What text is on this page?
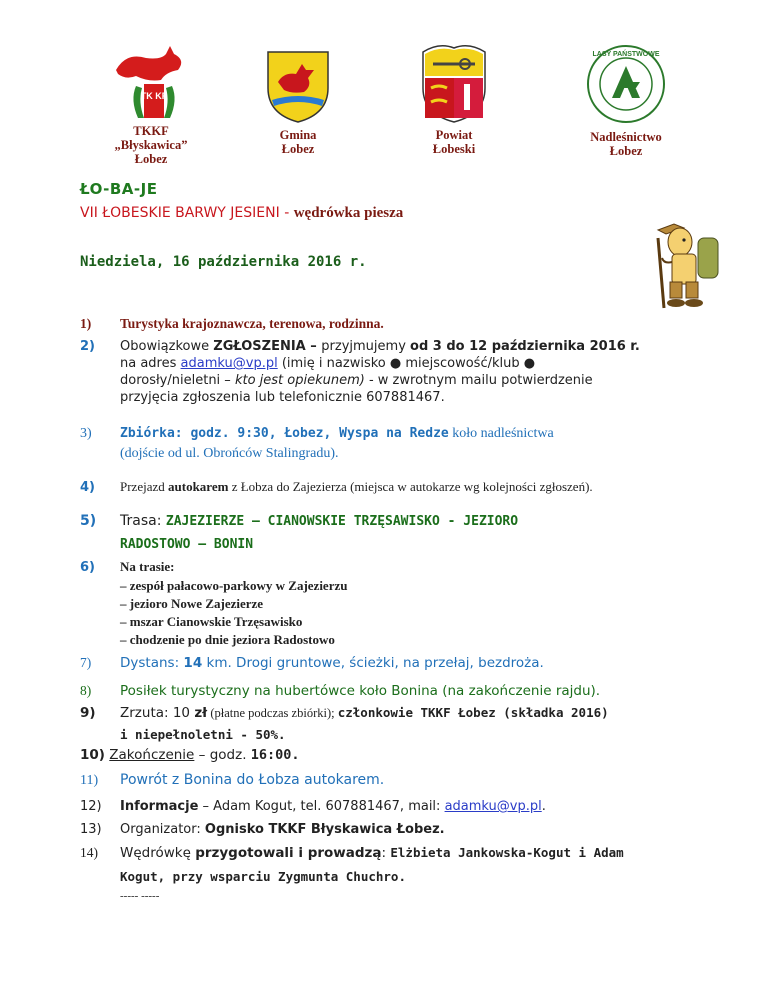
TK KF
TKKF „Błyskawica”
Łobez
Gmina
Łobez
Powiat
Łobeski
LASY PAŃSTWOWE
Nadleśnictwo
Łobez
ŁO-BA-JE
VII ŁOBESKIE BARWY JESIENI - wędrówka piesza
Niedziela, 16 października 2016 r.
1) Turystyka krajoznawcza, terenowa, rodzinna.
2) Obowiązkowe ZGŁOSZENIA – przyjmujemy od 3 do 12 października 2016 r.
na adres adamku@vp.pl (imię i nazwisko ● miejscowość/klub ●
dorosły/nieletni – kto jest opiekunem) - w zwrotnym mailu potwierdzenie
przyjęcia zgłoszenia lub telefonicznie 607881467.
3) Zbiórka: godz. 9:30, Łobez, Wyspa na Redze koło nadleśnictwa
(dojście od ul. Obrońców Stalingradu).
4) Przejazd autokarem z Łobza do Zajezierza (miejsca w autokarze wg kolejności zgłoszeń).
5) Trasa: ZAJEZIERZE – CIANOWSKIE TRZĘSAWISKO - JEZIORO
RADOSTOWO – BONIN
6) Na trasie:
– zespół pałacowo-parkowy w Zajezierzu
– jezioro Nowe Zajezierze
– mszar Cianowskie Trzęsawisko
– chodzenie po dnie jeziora Radostowo
7) Dystans: 14 km. Drogi gruntowe, ścieżki, na przełaj, bezdroża.
8) Posiłek turystyczny na hubertówce koło Bonina (na zakończenie rajdu).
9) Zrzuta: 10 zł (płatne podczas zbiórki); członkowie TKKF Łobez (składka 2016)
i niepełnoletni - 50%.
10) Zakończenie – godz. 16:00.
11) Powrót z Bonina do Łobza autokarem.
12) Informacje – Adam Kogut, tel. 607881467, mail: adamku@vp.pl.
13) Organizator: Ognisko TKKF Błyskawica Łobez.
14) Wędrówkę przygotowali i prowadzą: Elżbieta Jankowska-Kogut i Adam
Kogut, przy wsparciu Zygmunta Chuchro.
----- -----
